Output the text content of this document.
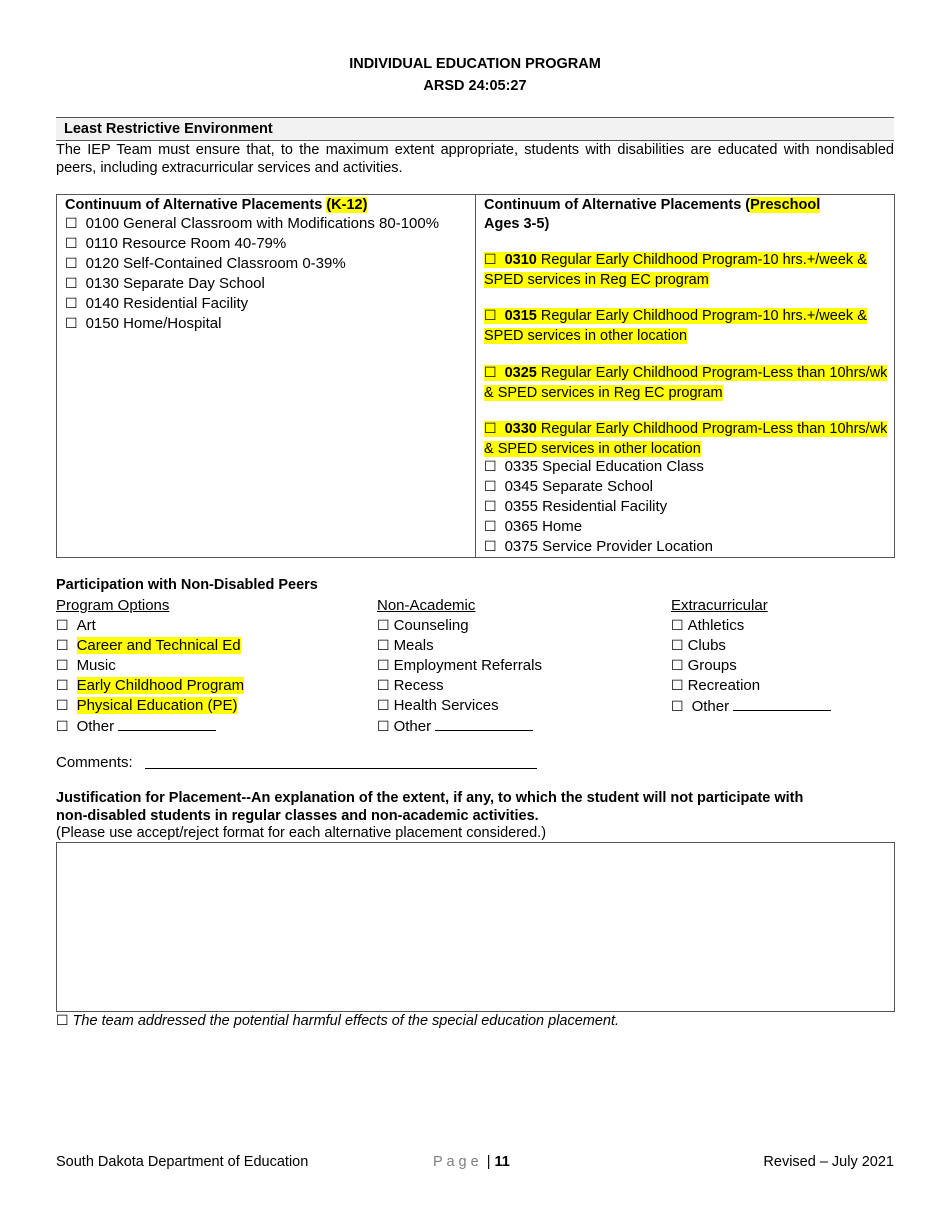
INDIVIDUAL EDUCATION PROGRAM
ARSD 24:05:27
Least Restrictive Environment
The IEP Team must ensure that, to the maximum extent appropriate, students with disabilities are educated with nondisabled peers, including extracurricular services and activities.
Continuum of Alternative Placements (K-12)
☐ 0100 General Classroom with Modifications 80-100%
☐ 0110 Resource Room 40-79%
☐ 0120 Self-Contained Classroom 0-39%
☐ 0130 Separate Day School
☐ 0140 Residential Facility
☐ 0150 Home/Hospital
Continuum of Alternative Placements (Preschool
Ages 3-5)
☐ 0310 Regular Early Childhood Program-10 hrs.+/week & SPED services in Reg EC program
☐ 0315 Regular Early Childhood Program-10 hrs.+/week & SPED services in other location
☐ 0325 Regular Early Childhood Program-Less than 10hrs/wk & SPED services in Reg EC program
☐ 0330 Regular Early Childhood Program-Less than 10hrs/wk & SPED services in other location
☐ 0335 Special Education Class
☐ 0345 Separate School
☐ 0355 Residential Facility
☐ 0365 Home
☐ 0375 Service Provider Location
Participation with Non-Disabled Peers
Program Options
☐ Art
☐ Career and Technical Ed
☐ Music
☐ Early Childhood Program
☐ Physical Education (PE)
☐ Other
Non-Academic
☐ Counseling
☐ Meals
☐ Employment Referrals
☐ Recess
☐ Health Services
☐ Other
Extracurricular
☐ Athletics
☐ Clubs
☐ Groups
☐ Recreation
☐ Other
Comments:
Justification for Placement--An explanation of the extent, if any, to which the student will not participate with
non-disabled students in regular classes and non-academic activities.
(Please use accept/reject format for each alternative placement considered.)
☐ The team addressed the potential harmful effects of the special education placement.
South Dakota Department of Education	P a g e | 11	Revised – July 2021
